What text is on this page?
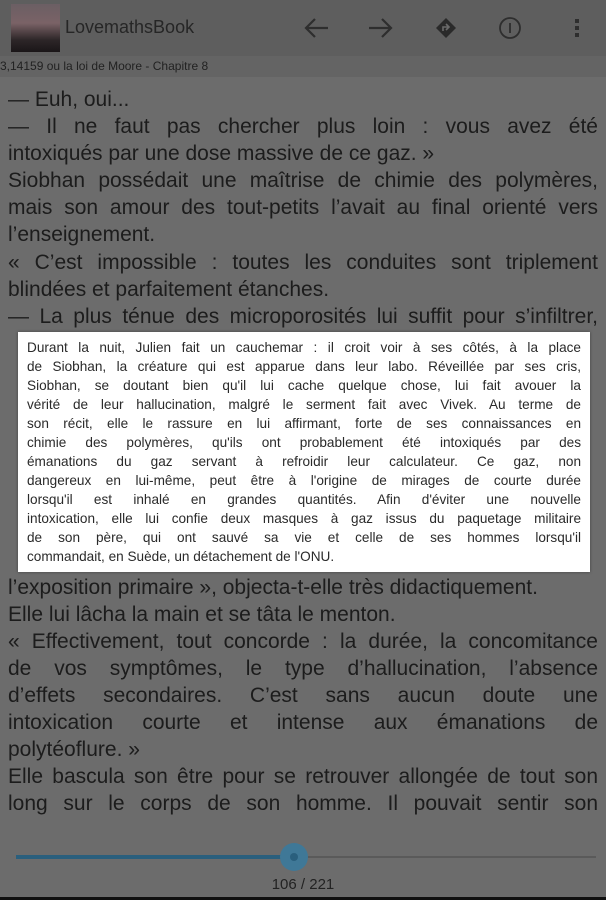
LovemathsBook
3,14159 ou la loi de Moore - Chapitre 8
— Euh, oui...
— Il ne faut pas chercher plus loin : vous avez été
intoxiqués par une dose massive de ce gaz. »
Siobhan possédait une maîtrise de chimie des polymères,
mais son amour des tout-petits l’avait au final orienté vers
l’enseignement.
« C’est impossible : toutes les conduites sont triplement
blindées et parfaitement étanches.
— La plus ténue des microporosités lui suffit pour s’infiltrer,
l’exposition primaire », objecta-t-elle très didactiquement.
Elle lui lâcha la main et se tâta le menton.
« Effectivement, tout concorde : la durée, la concomitance
de vos symptômes, le type d’hallucination, l’absence
d’effets secondaires. C’est sans aucun doute une
intoxication courte et intense aux émanations de
polytéoflure. »
Elle bascula son être pour se retrouver allongée de tout son
long sur le corps de son homme. Il pouvait sentir son
Durant la nuit, Julien fait un cauchemar : il croit voir à ses côtés, à la place
de Siobhan, la créature qui est apparue dans leur labo. Réveillée par ses cris,
Siobhan, se doutant bien qu'il lui cache quelque chose, lui fait avouer la
vérité de leur hallucination, malgré le serment fait avec Vivek. Au terme de
son récit, elle le rassure en lui affirmant, forte de ses connaissances en
chimie des polymères, qu'ils ont probablement été intoxiqués par des
émanations du gaz servant à refroidir leur calculateur. Ce gaz, non
dangereux en lui-même, peut être à l'origine de mirages de courte durée
lorsqu'il est inhalé en grandes quantités. Afin d'éviter une nouvelle
intoxication, elle lui confie deux masques à gaz issus du paquetage militaire
de son père, qui ont sauvé sa vie et celle de ses hommes lorsqu'il
commandait, en Suède, un détachement de l'ONU.
106 / 221
